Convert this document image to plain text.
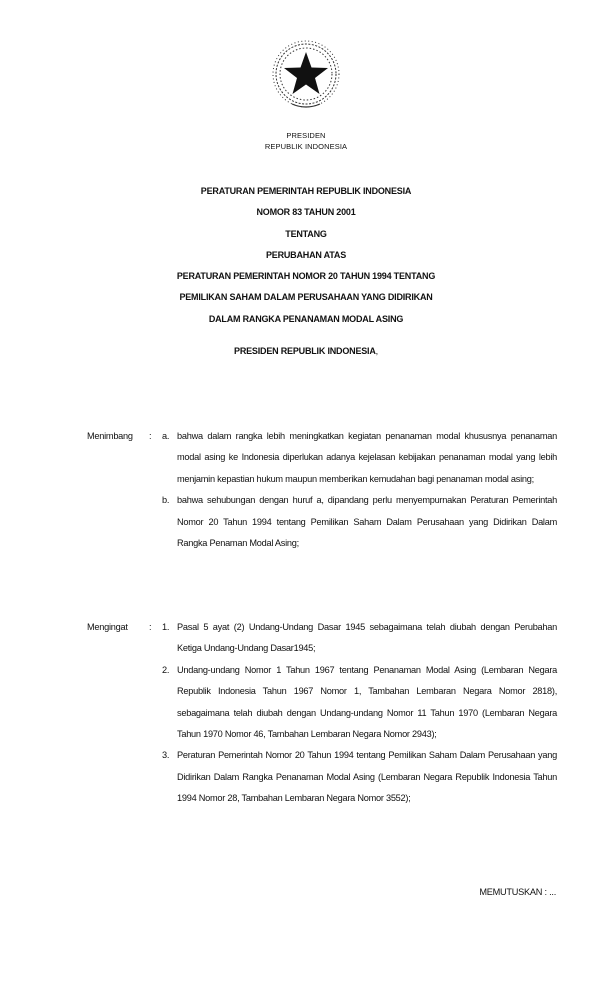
PRESIDEN
REPUBLIK INDONESIA
PERATURAN PEMERINTAH REPUBLIK INDONESIA
NOMOR 83 TAHUN 2001
TENTANG
PERUBAHAN ATAS
PERATURAN PEMERINTAH NOMOR 20 TAHUN 1994 TENTANG
PEMILIKAN SAHAM DALAM PERUSAHAAN YANG DIDIRIKAN
DALAM RANGKA PENANAMAN MODAL ASING
PRESIDEN REPUBLIK INDONESIA,
Menimbang : a. bahwa dalam rangka lebih meningkatkan kegiatan penanaman modal khususnya penanaman modal asing ke Indonesia diperlukan adanya kejelasan kebijakan penanaman modal yang lebih menjamin kepastian hukum maupun memberikan kemudahan bagi penanaman modal asing;
b. bahwa sehubungan dengan huruf a, dipandang perlu menyempurnakan Peraturan Pemerintah Nomor 20 Tahun 1994 tentang Pemilikan Saham Dalam Perusahaan yang Didirikan Dalam Rangka Penaman Modal Asing;
Mengingat : 1. Pasal 5 ayat (2) Undang-Undang Dasar 1945 sebagaimana telah diubah dengan Perubahan Ketiga Undang-Undang Dasar1945;
2. Undang-undang Nomor 1 Tahun 1967 tentang Penanaman Modal Asing (Lembaran Negara Republik Indonesia Tahun 1967 Nomor 1, Tambahan Lembaran Negara Nomor 2818), sebagaimana telah diubah dengan Undang-undang Nomor 11 Tahun 1970 (Lembaran Negara Tahun 1970 Nomor 46, Tambahan Lembaran Negara Nomor 2943);
3. Peraturan Pemerintah Nomor 20 Tahun 1994 tentang Pemilikan Saham Dalam Perusahaan yang Didirikan Dalam Rangka Penanaman Modal Asing (Lembaran Negara Republik Indonesia Tahun 1994 Nomor 28, Tambahan Lembaran Negara Nomor 3552);
MEMUTUSKAN : ...
